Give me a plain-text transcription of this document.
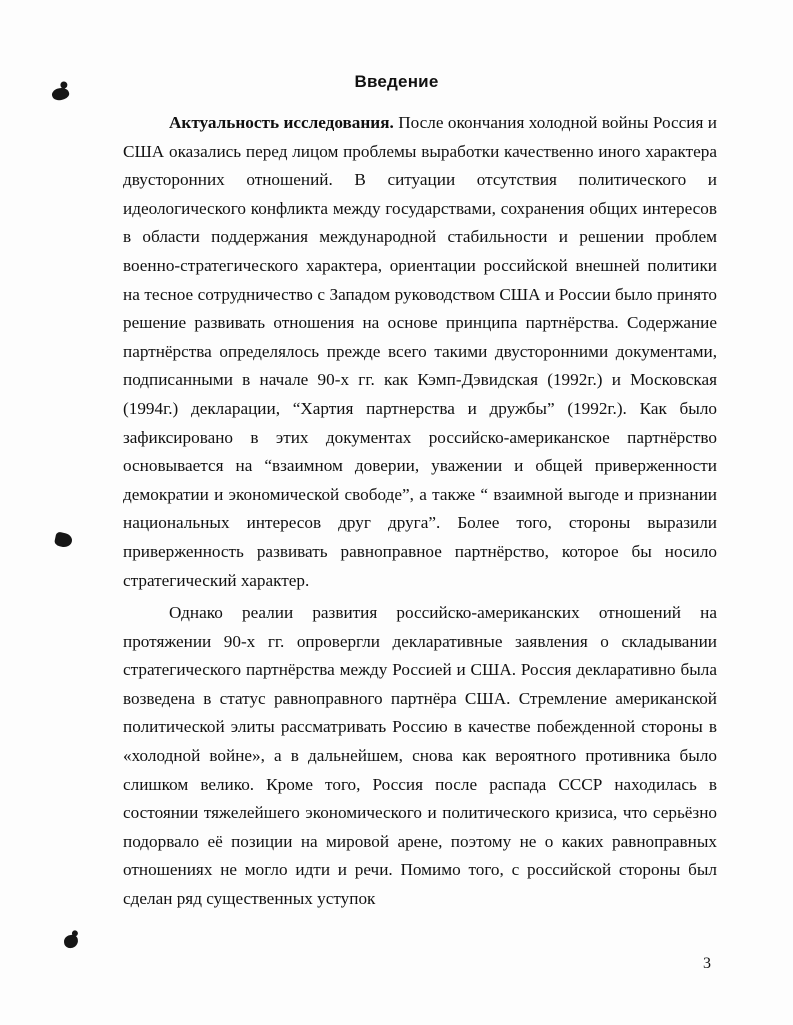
Введение

Актуальность исследования. После окончания холодной войны Россия и США оказались перед лицом проблемы выработки качественно иного характера двусторонних отношений. В ситуации отсутствия политического и идеологического конфликта между государствами, сохранения общих интересов в области поддержания международной стабильности и решении проблем военно-стратегического характера, ориентации российской внешней политики на тесное сотрудничество с Западом руководством США и России было принято решение развивать отношения на основе принципа партнёрства. Содержание партнёрства определялось прежде всего такими двусторонними документами, подписанными в начале 90-х гг. как Кэмп-Дэвидская (1992г.) и Московская (1994г.) декларации, “Хартия партнерства и дружбы” (1992г.). Как было зафиксировано в этих документах российско-американское партнёрство основывается на “взаимном доверии, уважении и общей приверженности демократии и экономической свободе”, а также “ взаимной выгоде и признании национальных интересов друг друга”. Более того, стороны выразили приверженность развивать равноправное партнёрство, которое бы носило стратегический характер.

Однако реалии развития российско-американских отношений на протяжении 90-х гг. опровергли декларативные заявления о складывании стратегического партнёрства между Россией и США. Россия декларативно была возведена в статус равноправного партнёра США. Стремление американской политической элиты рассматривать Россию в качестве побежденной стороны в «холодной войне», а в дальнейшем, снова как вероятного противника было слишком велико. Кроме того, Россия после распада СССР находилась в состоянии тяжелейшего экономического и политического кризиса, что серьёзно подорвало её позиции на мировой арене, поэтому не о каких равноправных отношениях не могло идти и речи. Помимо того, с российской стороны был сделан ряд существенных уступок

3
